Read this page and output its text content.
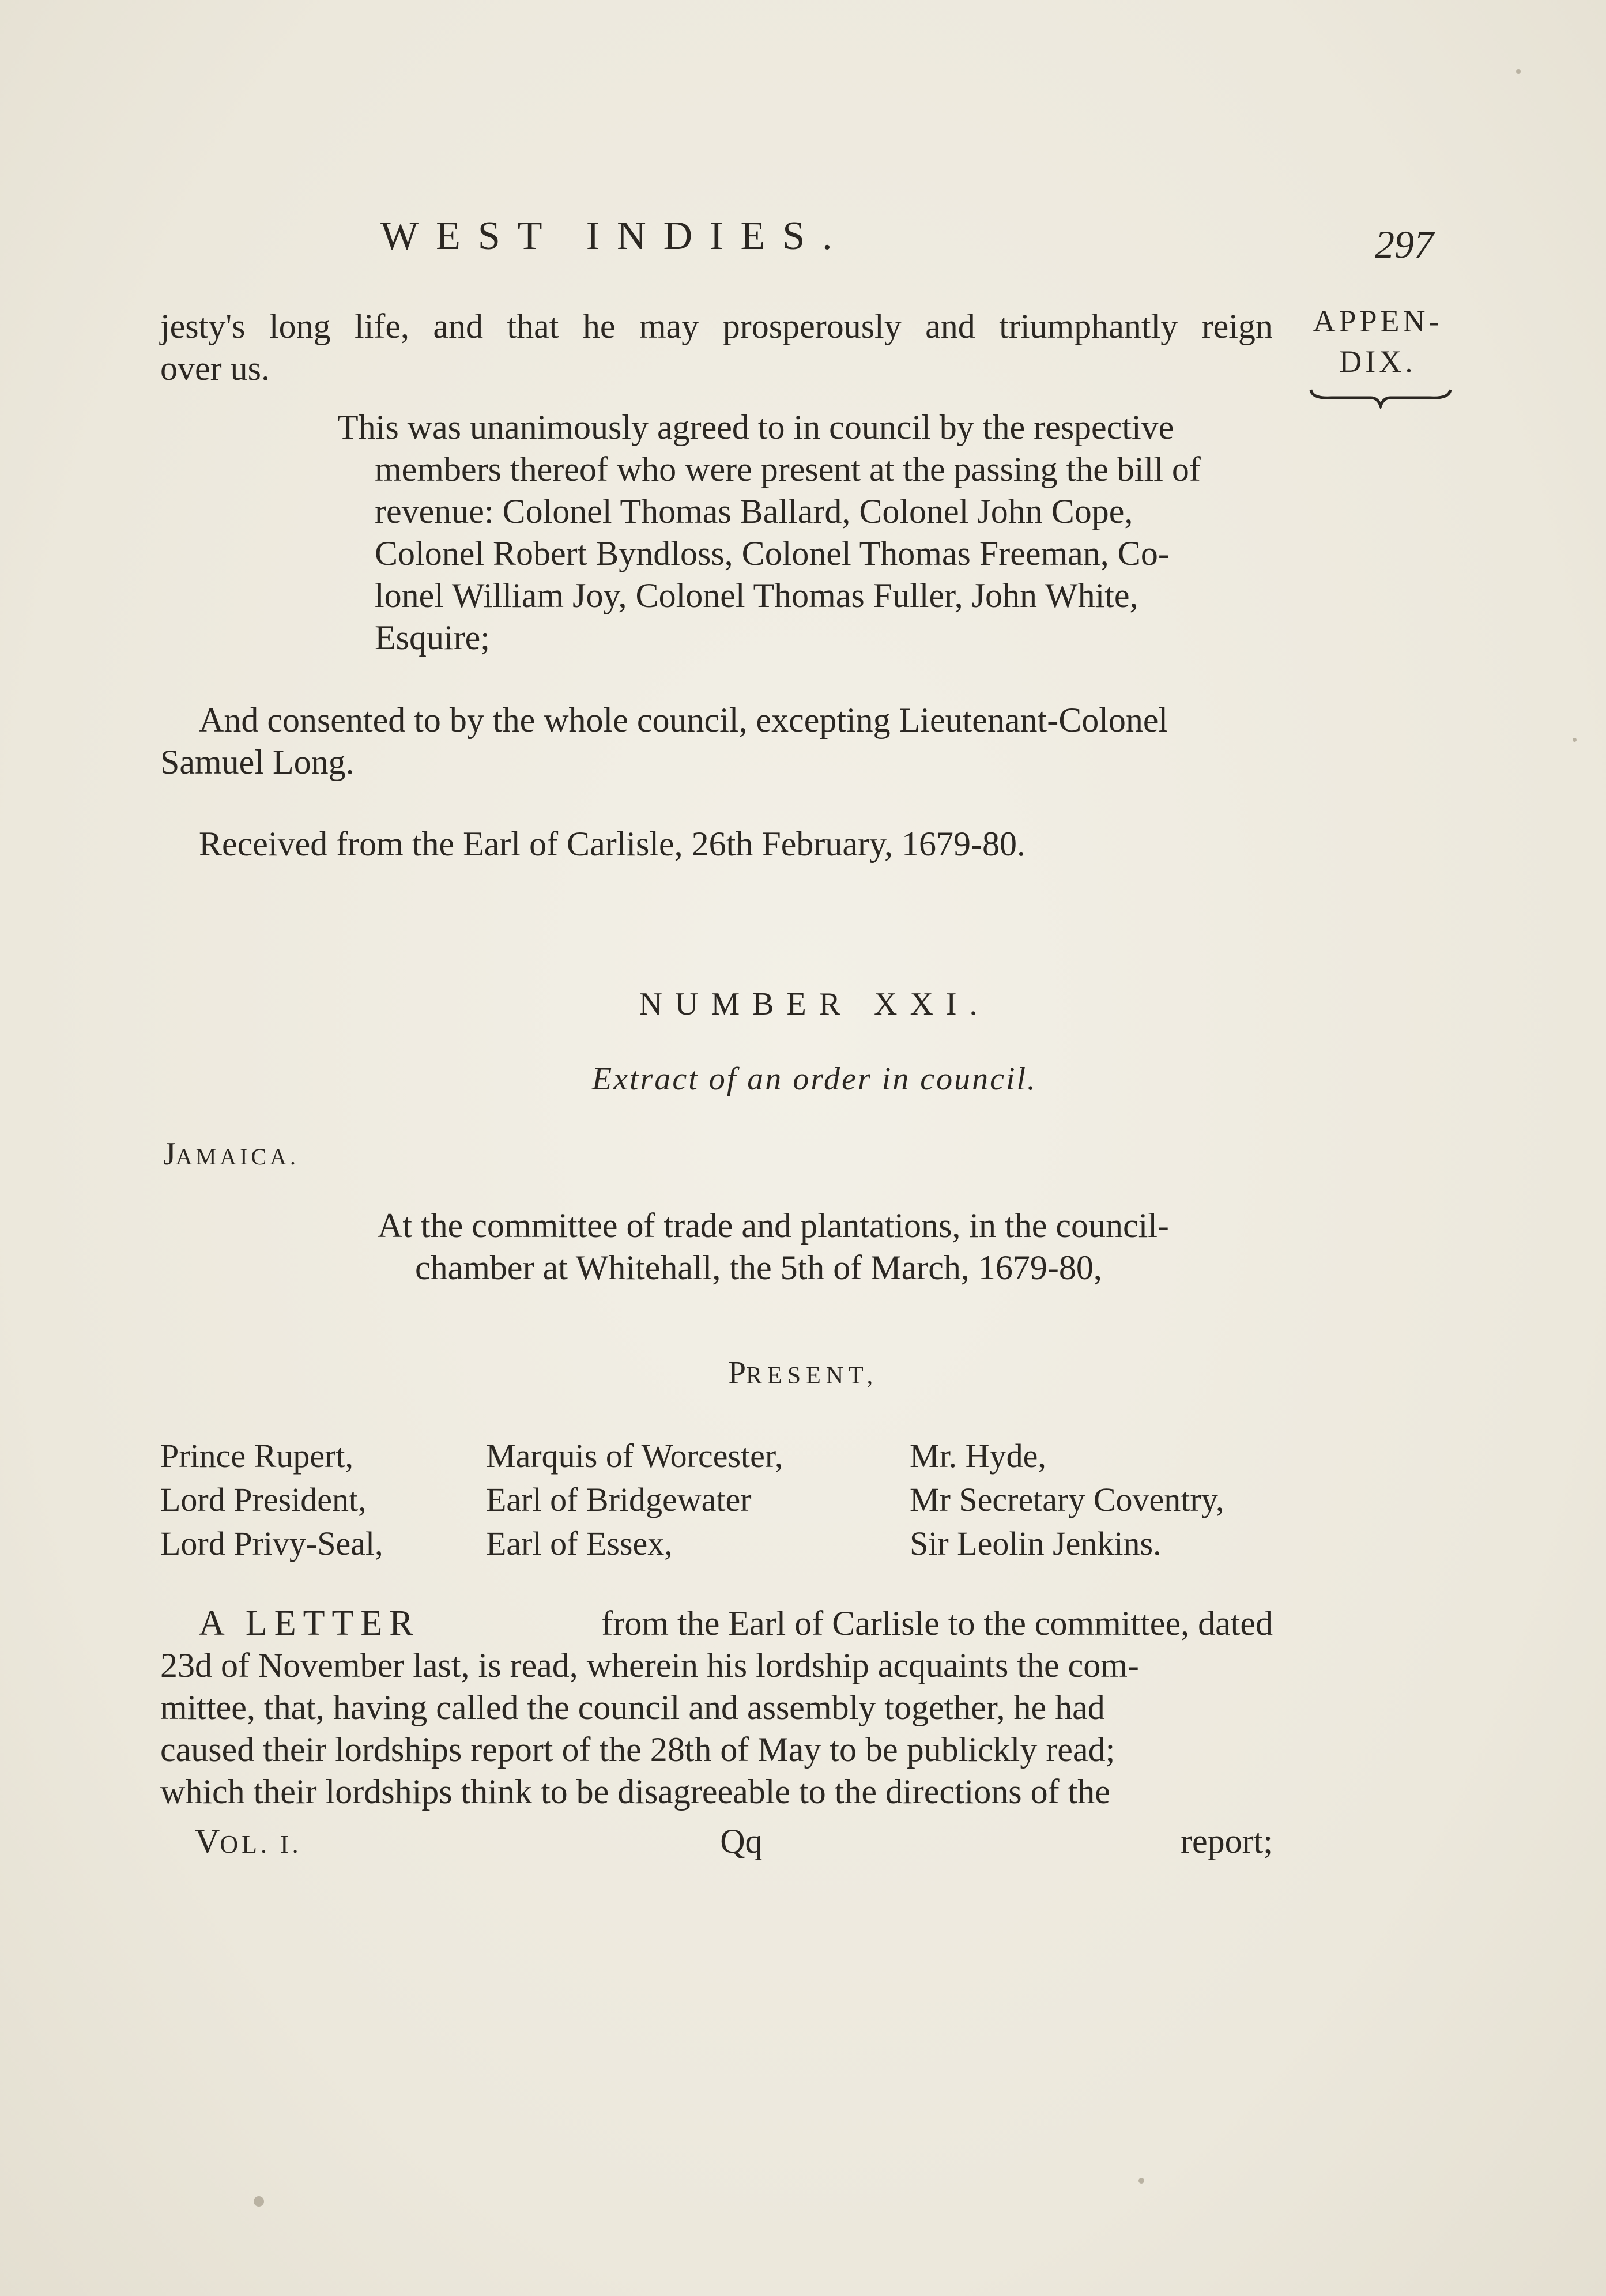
WEST INDIES.	297
APPEN-
DIX.
jesty's long life, and that he may prosperously and triumphantly reign
over us.
This was unanimously agreed to in council by the respective
members thereof who were present at the passing the bill of
revenue: Colonel Thomas Ballard, Colonel John Cope,
Colonel Robert Byndloss, Colonel Thomas Freeman, Co-
lonel William Joy, Colonel Thomas Fuller, John White,
Esquire;
And consented to by the whole council, excepting Lieutenant-Colonel
Samuel Long.
Received from the Earl of Carlisle, 26th February, 1679-80.
NUMBER XXI.
Extract of an order in council.
JAMAICA.
At the committee of trade and plantations, in the council-
chamber at Whitehall, the 5th of March, 1679-80,
PRESENT,
Prince Rupert,	Marquis of Worcester,	Mr. Hyde,
Lord President,	Earl of Bridgewater	Mr Secretary Coventry,
Lord Privy-Seal,	Earl of Essex,	Sir Leolin Jenkins.
A LETTER	from the Earl of Carlisle to the committee, dated
23d of November last, is read, wherein his lordship acquaints the com-
mittee, that, having called the council and assembly together, he had
caused their lordships report of the 28th of May to be publickly read;
which their lordships think to be disagreeable to the directions of the
VOL. I.	Qq	report;
